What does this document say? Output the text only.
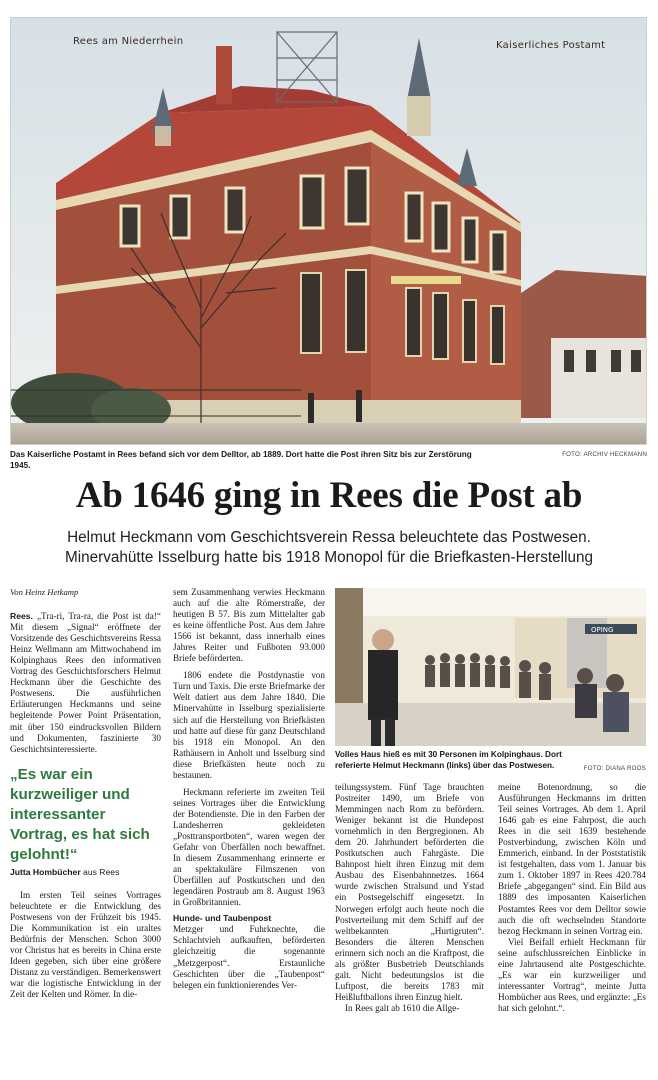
Rees am Niederrhein	Kaiserliches Postamt
Das Kaiserliche Postamt in Rees befand sich vor dem Delltor, ab 1889. Dort hatte die Post ihren Sitz bis zur Zerstörung 1945.
FOTO: ARCHIV HECKMANN
Ab 1646 ging in Rees die Post ab
Helmut Heckmann vom Geschichtsverein Ressa beleuchtete das Postwesen.
Minervahütte Isselburg hatte bis 1918 Monopol für die Briefkasten-Herstellung
Von Heinz Hetkamp

Rees. „Tra-ri, Tra-ra, die Post ist da!“ Mit diesem „Signal“ eröffnete der Vorsitzende des Geschichtsvereins Ressa Heinz Wellmann am Mittwochabend im Kolpinghaus Rees den informativen Vortrag des Geschichtsforschers Helmut Heckmann über die Geschichte des Postwesens. Die ausführlichen Erläuterungen Heckmanns und seine begleitende Power Point Präsentation, mit über 150 eindrucksvollen Bildern und Dokumenten, faszinierte 30 Geschichtsinteressierte.

„Es war ein kurzweiliger und interessanter Vortrag, es hat sich gelohnt!“
Jutta Hombücher aus Rees

Im ersten Teil seines Vortrages beleuchtete er die Entwicklung des Postwesens von der Frühzeit bis 1945. Die Kommunikation ist ein uraltes Bedürfnis der Menschen. Schon 3000 vor Christus hat es bereits in China erste Ideen gegeben, sich über eine größere Distanz zu verständigen. Bemerkenswert war die logistische Entwicklung in der Zeit der Kelten und Römer. In die-

sem Zusammenhang verwies Heckmann auch auf die alte Römerstraße, der heutigen B 57. Bis zum Mittelalter gab es keine öffentliche Post. Aus dem Jahre 1566 ist bekannt, dass innerhalb eines Jahres Reiter und Fußboten 93.000 Briefe beförderten.

1806 endete die Postdynastie von Turn und Taxis. Die erste Briefmarke der Welt datiert aus dem Jahre 1840. Die Minervahütte in Isselburg spezialisierte sich auf die Herstellung von Briefkästen und hatte auf diese für ganz Deutschland bis 1918 ein Monopol. An den Rathäusern in Anholt und Isselburg sind diese Briefkästen heute noch zu bestaunen.

Heckmann referierte im zweiten Teil seines Vortrages über die Entwicklung der Botendienste. Die in den Farben der Landesherren gekleideten „Posttransportboten“, waren wegen der Gefahr von Überfällen noch bewaffnet. In diesem Zusammenhang erinnerte er an spektakuläre Filmszenen von Überfällen auf Postkutschen und den legendären Postraub am 8. August 1963 in Großbritannien.

Hunde- und Taubenpost

Metzger und Fuhrknechte, die Schlachtvieh aufkauften, beförderten gleichzeitig die sogenannte „Metzgerpost“. Erstaunliche Geschichten über die „Taubenpost“ belegen ein funktionierendes Ver-

OPING
Volles Haus hieß es mit 30 Personen im Kolpinghaus. Dort referierte Helmut Heckmann (links) über das Postwesen.	FOTO: DIANA ROOS

teilungssystem. Fünf Tage brauchten Postreiter 1490, um Briefe von Memmingen nach Rom zu befördern. Weniger bekannt ist die Hundepost vornehmlich in den Bergregionen. Ab dem 20. Jahrhundert beförderten die Postkutschen auch Fahrgäste. Die Bahnpost hielt ihren Einzug mit dem Ausbau des Eisenbahnnetzes. 1664 wurde zwischen Stralsund und Ystad ein Postsegelschiff eingesetzt. In Norwegen erfolgt auch heute noch die Postverteilung mit dem Schiff auf der weltbekannten „Hurtigruten“. Besonders die älteren Menschen erinnern sich noch an die Kraftpost, die als größter Busbetrieb Deutschlands galt. Nicht bedeutungslos ist die Luftpost, die bereits 1783 mit Heißluftballons ihren Einzug hielt.

In Rees galt ab 1610 die Allge-

meine Botenordnung, so die Ausführungen Heckmanns im dritten Teil seines Vortrages. Ab dem 1. April 1646 gab es eine Fahrpost, die auch Rees in die seit 1639 bestehende Postverbindung, zwischen Köln und Emmerich, einband. In der Poststatistik ist festgehalten, dass vom 1. Januar bis zum 1. Oktober 1897 in Rees 420.784 Briefe „abgegangen“ sind. Ein Bild aus 1889 des imposanten Kaiserlichen Postamtes Rees vor dem Delltor sowie auch die oft wechselnden Standorte bezog Heckmann in seinen Vortrag ein.

Viel Beifall erhielt Heckmann für seine aufschlussreichen Einblicke in eine Jahrtausend alte Postgeschichte. „Es war ein kurzweiliger und interessanter Vortrag“, meinte Jutta Hombücher aus Rees, und ergänzte: „Es hat sich gelohnt.“.
